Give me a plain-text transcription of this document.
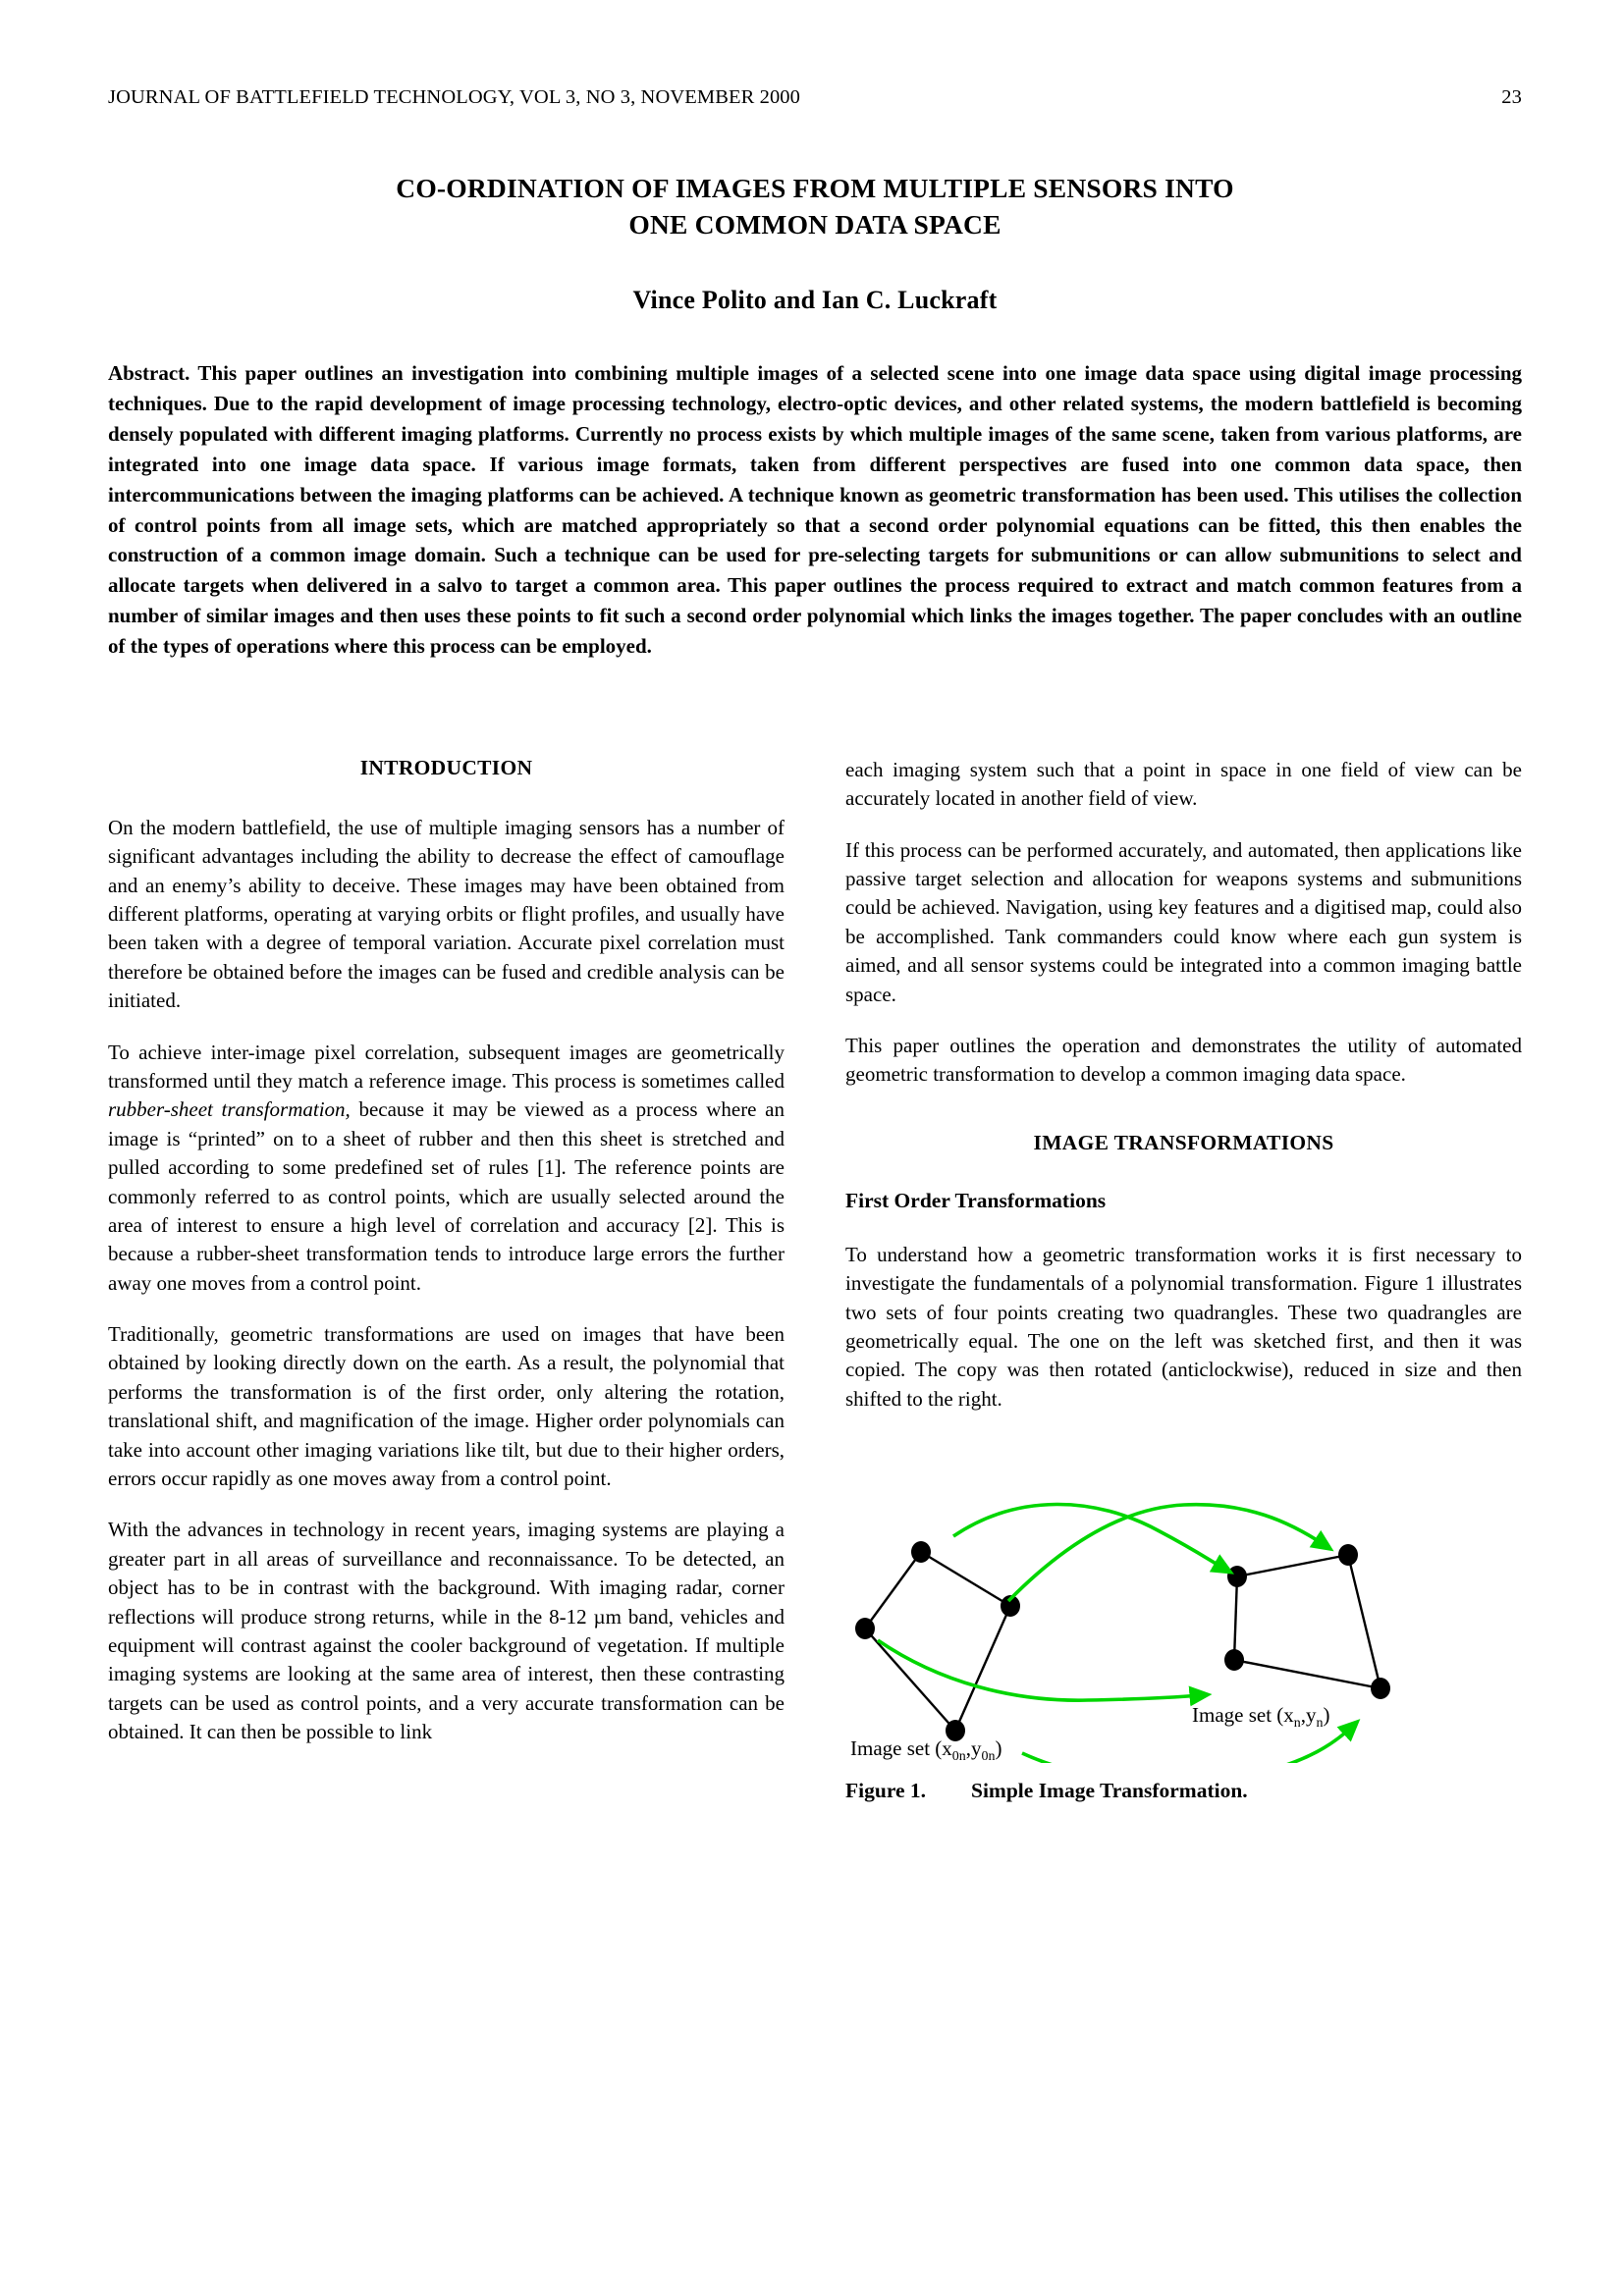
JOURNAL OF BATTLEFIELD TECHNOLOGY, VOL 3, NO 3, NOVEMBER 2000	23
CO-ORDINATION OF IMAGES FROM MULTIPLE SENSORS INTO
ONE COMMON DATA SPACE
Vince Polito and Ian C. Luckraft
Abstract. This paper outlines an investigation into combining multiple images of a selected scene into one image data space using digital image processing techniques. Due to the rapid development of image processing technology, electro-optic devices, and other related systems, the modern battlefield is becoming densely populated with different imaging platforms. Currently no process exists by which multiple images of the same scene, taken from various platforms, are integrated into one image data space. If various image formats, taken from different perspectives are fused into one common data space, then intercommunications between the imaging platforms can be achieved. A technique known as geometric transformation has been used. This utilises the collection of control points from all image sets, which are matched appropriately so that a second order polynomial equations can be fitted, this then enables the construction of a common image domain. Such a technique can be used for pre-selecting targets for submunitions or can allow submunitions to select and allocate targets when delivered in a salvo to target a common area. This paper outlines the process required to extract and match common features from a number of similar images and then uses these points to fit such a second order polynomial which links the images together. The paper concludes with an outline of the types of operations where this process can be employed.
INTRODUCTION

On the modern battlefield, the use of multiple imaging sensors has a number of significant advantages including the ability to decrease the effect of camouflage and an enemy’s ability to deceive. These images may have been obtained from different platforms, operating at varying orbits or flight profiles, and usually have been taken with a degree of temporal variation. Accurate pixel correlation must therefore be obtained before the images can be fused and credible analysis can be initiated.

To achieve inter-image pixel correlation, subsequent images are geometrically transformed until they match a reference image. This process is sometimes called rubber-sheet transformation, because it may be viewed as a process where an image is “printed” on to a sheet of rubber and then this sheet is stretched and pulled according to some predefined set of rules [1]. The reference points are commonly referred to as control points, which are usually selected around the area of interest to ensure a high level of correlation and accuracy [2]. This is because a rubber-sheet transformation tends to introduce large errors the further away one moves from a control point.

Traditionally, geometric transformations are used on images that have been obtained by looking directly down on the earth. As a result, the polynomial that performs the transformation is of the first order, only altering the rotation, translational shift, and magnification of the image. Higher order polynomials can take into account other imaging variations like tilt, but due to their higher orders, errors occur rapidly as one moves away from a control point.

With the advances in technology in recent years, imaging systems are playing a greater part in all areas of surveillance and reconnaissance. To be detected, an object has to be in contrast with the background. With imaging radar, corner reflections will produce strong returns, while in the 8-12 µm band, vehicles and equipment will contrast against the cooler background of vegetation. If multiple imaging systems are looking at the same area of interest, then these contrasting targets can be used as control points, and a very accurate transformation can be obtained. It can then be possible to link

each imaging system such that a point in space in one field of view can be accurately located in another field of view.

If this process can be performed accurately, and automated, then applications like passive target selection and allocation for weapons systems and submunitions could be achieved. Navigation, using key features and a digitised map, could also be accomplished. Tank commanders could know where each gun system is aimed, and all sensor systems could be integrated into a common imaging battle space.

This paper outlines the operation and demonstrates the utility of automated geometric transformation to develop a common imaging data space.

IMAGE TRANSFORMATIONS
First Order Transformations

To understand how a geometric transformation works it is first necessary to investigate the fundamentals of a polynomial transformation. Figure 1 illustrates two sets of four points creating two quadrangles. These two quadrangles are geometrically equal. The one on the left was sketched first, and then it was copied. The copy was then rotated (anticlockwise), reduced in size and then shifted to the right.

Image set $(x_n,y_n)$
Image set $(x_{0n},y_{0n})$
Figure 1.	Simple Image Transformation.
